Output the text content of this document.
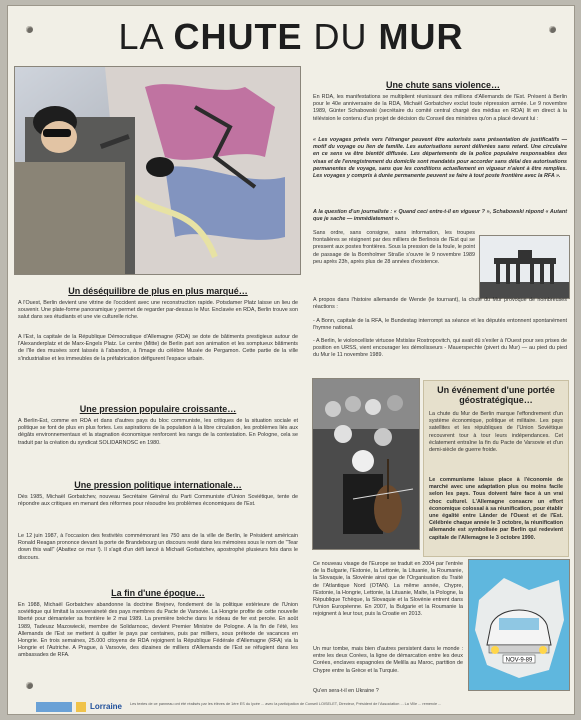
LA CHUTE DU MUR
Une chute sans violence…

En RDA, les manifestations se multiplient réunissant des millions d'Allemands de l'Est. Présent à Berlin pour le 40e anniversaire de la RDA, Michaël Gorbatchev exclut toute répression armée. Le 9 novembre 1989, Günter Schabowski (secrétaire du comité central chargé des médias en RDA) lit en direct à la télévision le contenu d'un projet de décision du Conseil des ministres qu'on a placé devant lui :

« Les voyages privés vers l'étranger peuvent être autorisés sans présentation de justificatifs — motif du voyage ou lien de famille. Les autorisations seront délivrées sans retard. Une circulaire en ce sens va être bientôt diffusée. Les départements de la police populaire responsables des visas et de l'enregistrement du domicile sont mandatés pour accorder sans délai des autorisations permanentes de voyage, sans que les conditions actuellement en vigueur n'aient à être remplies. Les voyages y compris à durée permanente peuvent se faire à tout poste frontière avec la RFA ».

A la question d'un journaliste : « Quand ceci entre-t-il en vigueur ? », Schabowski répond « Autant que je sache — immédiatement ».

Sans ordre, sans consigne, sans information, les troupes frontalières se résignent par des milliers de Berlinois de l'Est qui se pressent aux postes frontières. Sous la pression de la foule, le point de passage de la Bornholmer Straße s'ouvre le 9 novembre 1989 peu après 23h, après plus de 28 années d'existence.

A propos dans l'histoire allemande de Wende (le tournant), la chute du Mur provoque de nombreuses réactions :

- A Bonn, capitale de la RFA, le Bundestag interrompt sa séance et les députés entonnent spontanément l'hymne national.

- A Berlin, le violoncelliste virtuose Mstislav Rostropovitch, qui avait dû s'exiler à l'Ouest pour ses prises de position en URSS, vient encourager les démolisseurs - Mauerspechte (pivert du Mur) — au pied du pied du Mur le 11 novembre 1989.

Un déséquilibre de plus en plus marqué…

A l'Ouest, Berlin devient une vitrine de l'occident avec une reconstruction rapide. Potsdamer Platz laisse un lieu de souvenir. Une plate-forme panoramique y permet de regarder par-dessus le Mur. Enclavée en RDA, Berlin trouve son salut dans ses étudiants et une vie culturelle riche.

A l'Est, la capitale de la République Démocratique d'Allemagne (RDA) se dote de bâtiments prestigieux autour de l'Alexanderplatz et de Marx-Engels Platz. Le centre (Mitte) de Berlin part son animation et les somptueux bâtiments de l'île des musées sont laissés à l'abandon, à l'image du célèbre Musée de Pergamon. Cette partie de la ville s'industrialise et les immeubles de la préfabrication défigurent l'espace urbain.

Une pression populaire croissante…

A Berlin-Est, comme en RDA et dans d'autres pays du bloc communiste, les critiques de la situation sociale et politique se font de plus en plus fortes. Les aspirations de la population à la libre circulation, les problèmes liés aux dégâts environnementaux et la stagnation économique renforcent les rangs de la contestation. En Pologne, cela se traduit par la création du syndicat SOLIDARNOSC en 1980.

Une pression politique internationale…

Dès 1985, Michaël Gorbatchev, nouveau Secrétaire Général du Parti Communiste d'Union Soviétique, tente de répondre aux critiques en menant des réformes pour résoudre les problèmes économiques de l'Est.

Le 12 juin 1987, à l'occasion des festivités commémorant les 750 ans de la ville de Berlin, le Président américain Ronald Reagan prononce devant la porte de Brandebourg un discours resté dans les mémoires sous le nom de "Tear down this wall" (Abattez ce mur !). Il s'agit d'un défi lancé à Michaël Gorbatchev, apostrophé plusieurs fois dans le discours.

La fin d'une époque…

En 1988, Michaël Gorbatchev abandonne la doctrine Brejnev, fondement de la politique extérieure de l'Union soviétique qui limitait la souveraineté des pays membres du Pacte de Varsovie. La Hongrie profite de cette nouvelle liberté pour démanteler sa frontière le 2 mai 1989. La première brèche dans le rideau de fer est percée. En août 1989, Tadeusz Mazowiecki, membre de Solidarnosc, devient Premier Ministre de Pologne. A la fin de l'été, les Allemands de l'Est se mettent à quitter le pays par centaines, puis par milliers, sous prétexte de vacances en Hongrie. En trois semaines, 25.000 citoyens de RDA rejoignent la République Fédérale d'Allemagne (RFA) via la Hongrie et l'Autriche. A Prague, à Varsovie, des dizaines de milliers d'Allemands de l'Est se réfugient dans les ambassades de RFA.

Un événement d'une portée géostratégique…

La chute du Mur de Berlin marque l'effondrement d'un système économique, politique et militaire. Les pays satellites et les républiques de l'Union Soviétique recouvrent tour à tour leurs indépendances. Cet éclatement entraîne la fin du Pacte de Varsovie et d'un demi-siècle de guerre froide.

Le communisme laisse place à l'économie de marché avec une adaptation plus ou moins facile selon les pays. Tous doivent faire face à un vrai choc culturel. L'Allemagne consacre un effort économique colossal à sa réunification, pour établir une égalité entre Länder de l'Ouest et de l'Est. Célébrée chaque année le 3 octobre, la réunification allemande est symbolisée par Berlin qui redevient capitale de l'Allemagne le 3 octobre 1990.

Ce nouveau visage de l'Europe se traduit en 2004 par l'entrée de la Bulgarie, l'Estonie, la Lettonie, la Lituanie, la Roumanie, la Slovaquie, la Slovénie ainsi que de l'Organisation du Traité de l'Atlantique Nord (OTAN). La même année, Chypre, l'Estonie, la Hongrie, Lettonie, la Lituanie, Malte, la Pologne, la République Tchèque, la Slovaquie et la Slovénie entrent dans l'Union Européenne. En 2007, la Bulgarie et la Roumanie la rejoignent à leur tour, puis la Croatie en 2013.

Un mur tombe, mais bien d'autres persistent dans le monde : entre les deux Corées, la ligne de démarcation entre les deux Corées, enclaves espagnoles de Melilla au Maroc, partition de Chypre entre la Grèce et la Turquie.

Qu'en sera-t-il en Ukraine ?

NOV-9-89
Lorraine Les textes de ce panneau ont été réalisés par les élèves de 1ère ES du lycée ... avec la participation de Conseil LOISELET, Directeur, Président de l'Association ... La Ville ... remercie ...
